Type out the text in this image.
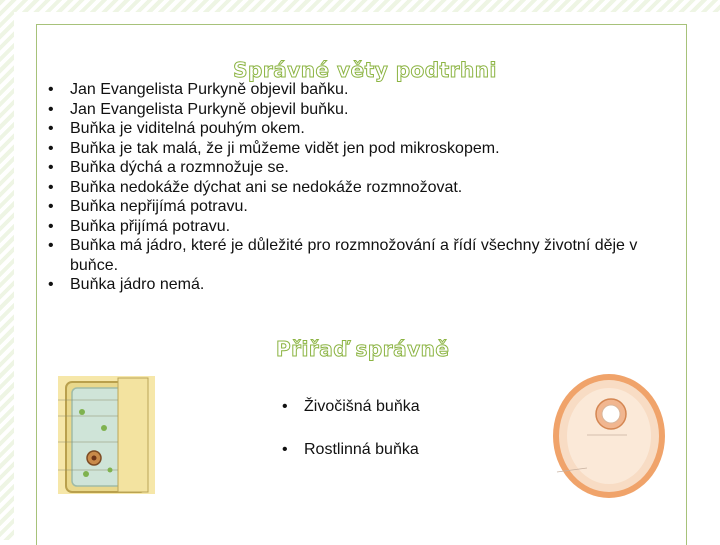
Správné věty podtrhni
•	Jan Evangelista Purkyně objevil baňku.
•	Jan Evangelista Purkyně objevil buňku.
•	Buňka je viditelná pouhým okem.
•	Buňka je tak malá, že ji můžeme vidět jen pod mikroskopem.
•	Buňka dýchá a rozmnožuje se.
•	Buňka nedokáže dýchat ani se nedokáže rozmnožovat.
•	Buňka nepřijímá potravu.
•	Buňka přijímá potravu.
•	Buňka má jádro, které je důležité pro rozmnožování a řídí všechny životní děje v buňce.
•	Buňka jádro nemá.
Přiřaď správně
• Živočišná buňka
• Rostlinná buňka
